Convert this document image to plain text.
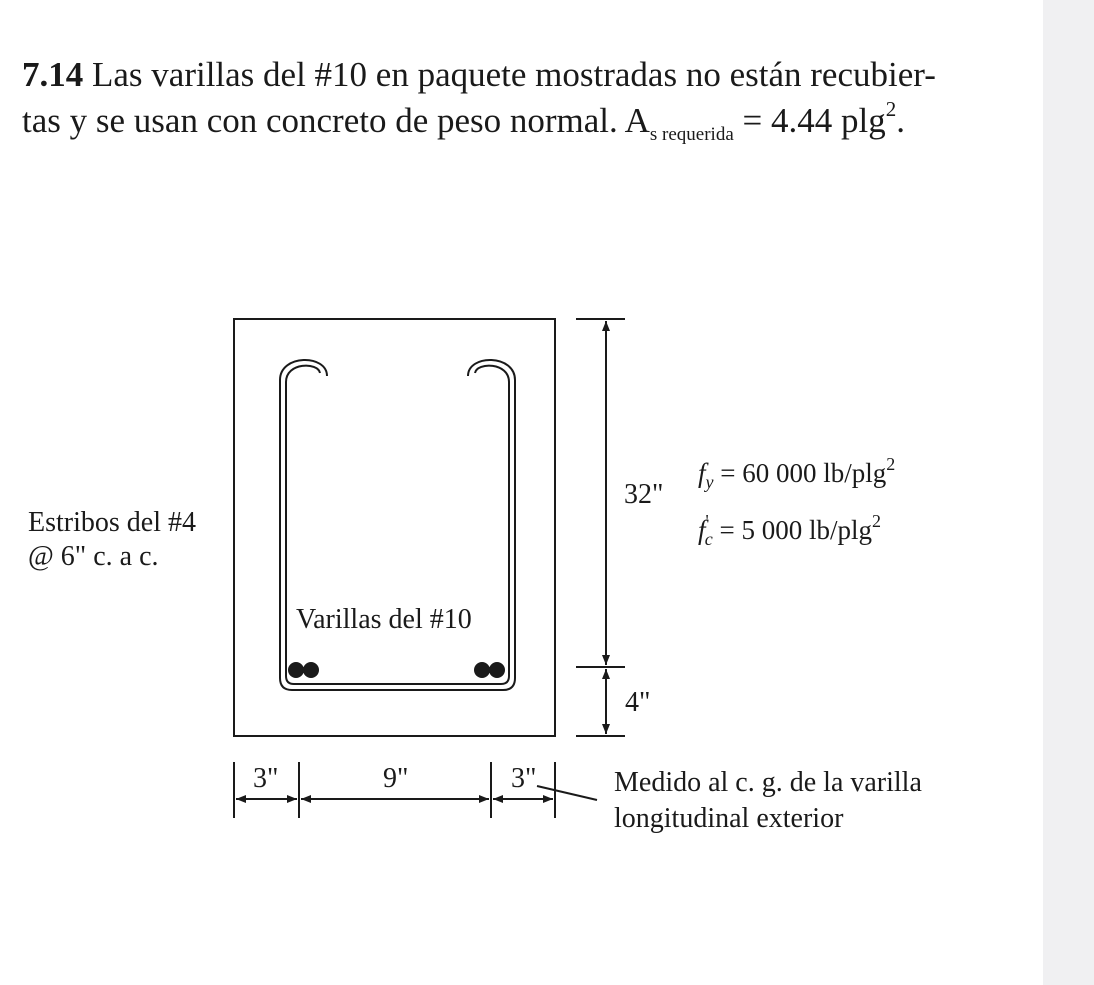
7.14 Las varillas del #10 en paquete mostradas no están recubier-
tas y se usan con concreto de peso normal. $A_{s requerida} = 4.44$ plg$^2$.
Estribos del #4
@ 6" c. a c.
Varillas del #10
32"
4"
3"	9"	3"	Medido al c. g. de la varilla
longitudinal exterior
$f_y = 60$ 000 lb/plg$^2$
$f'_c = 5$ 000 lb/plg$^2$
